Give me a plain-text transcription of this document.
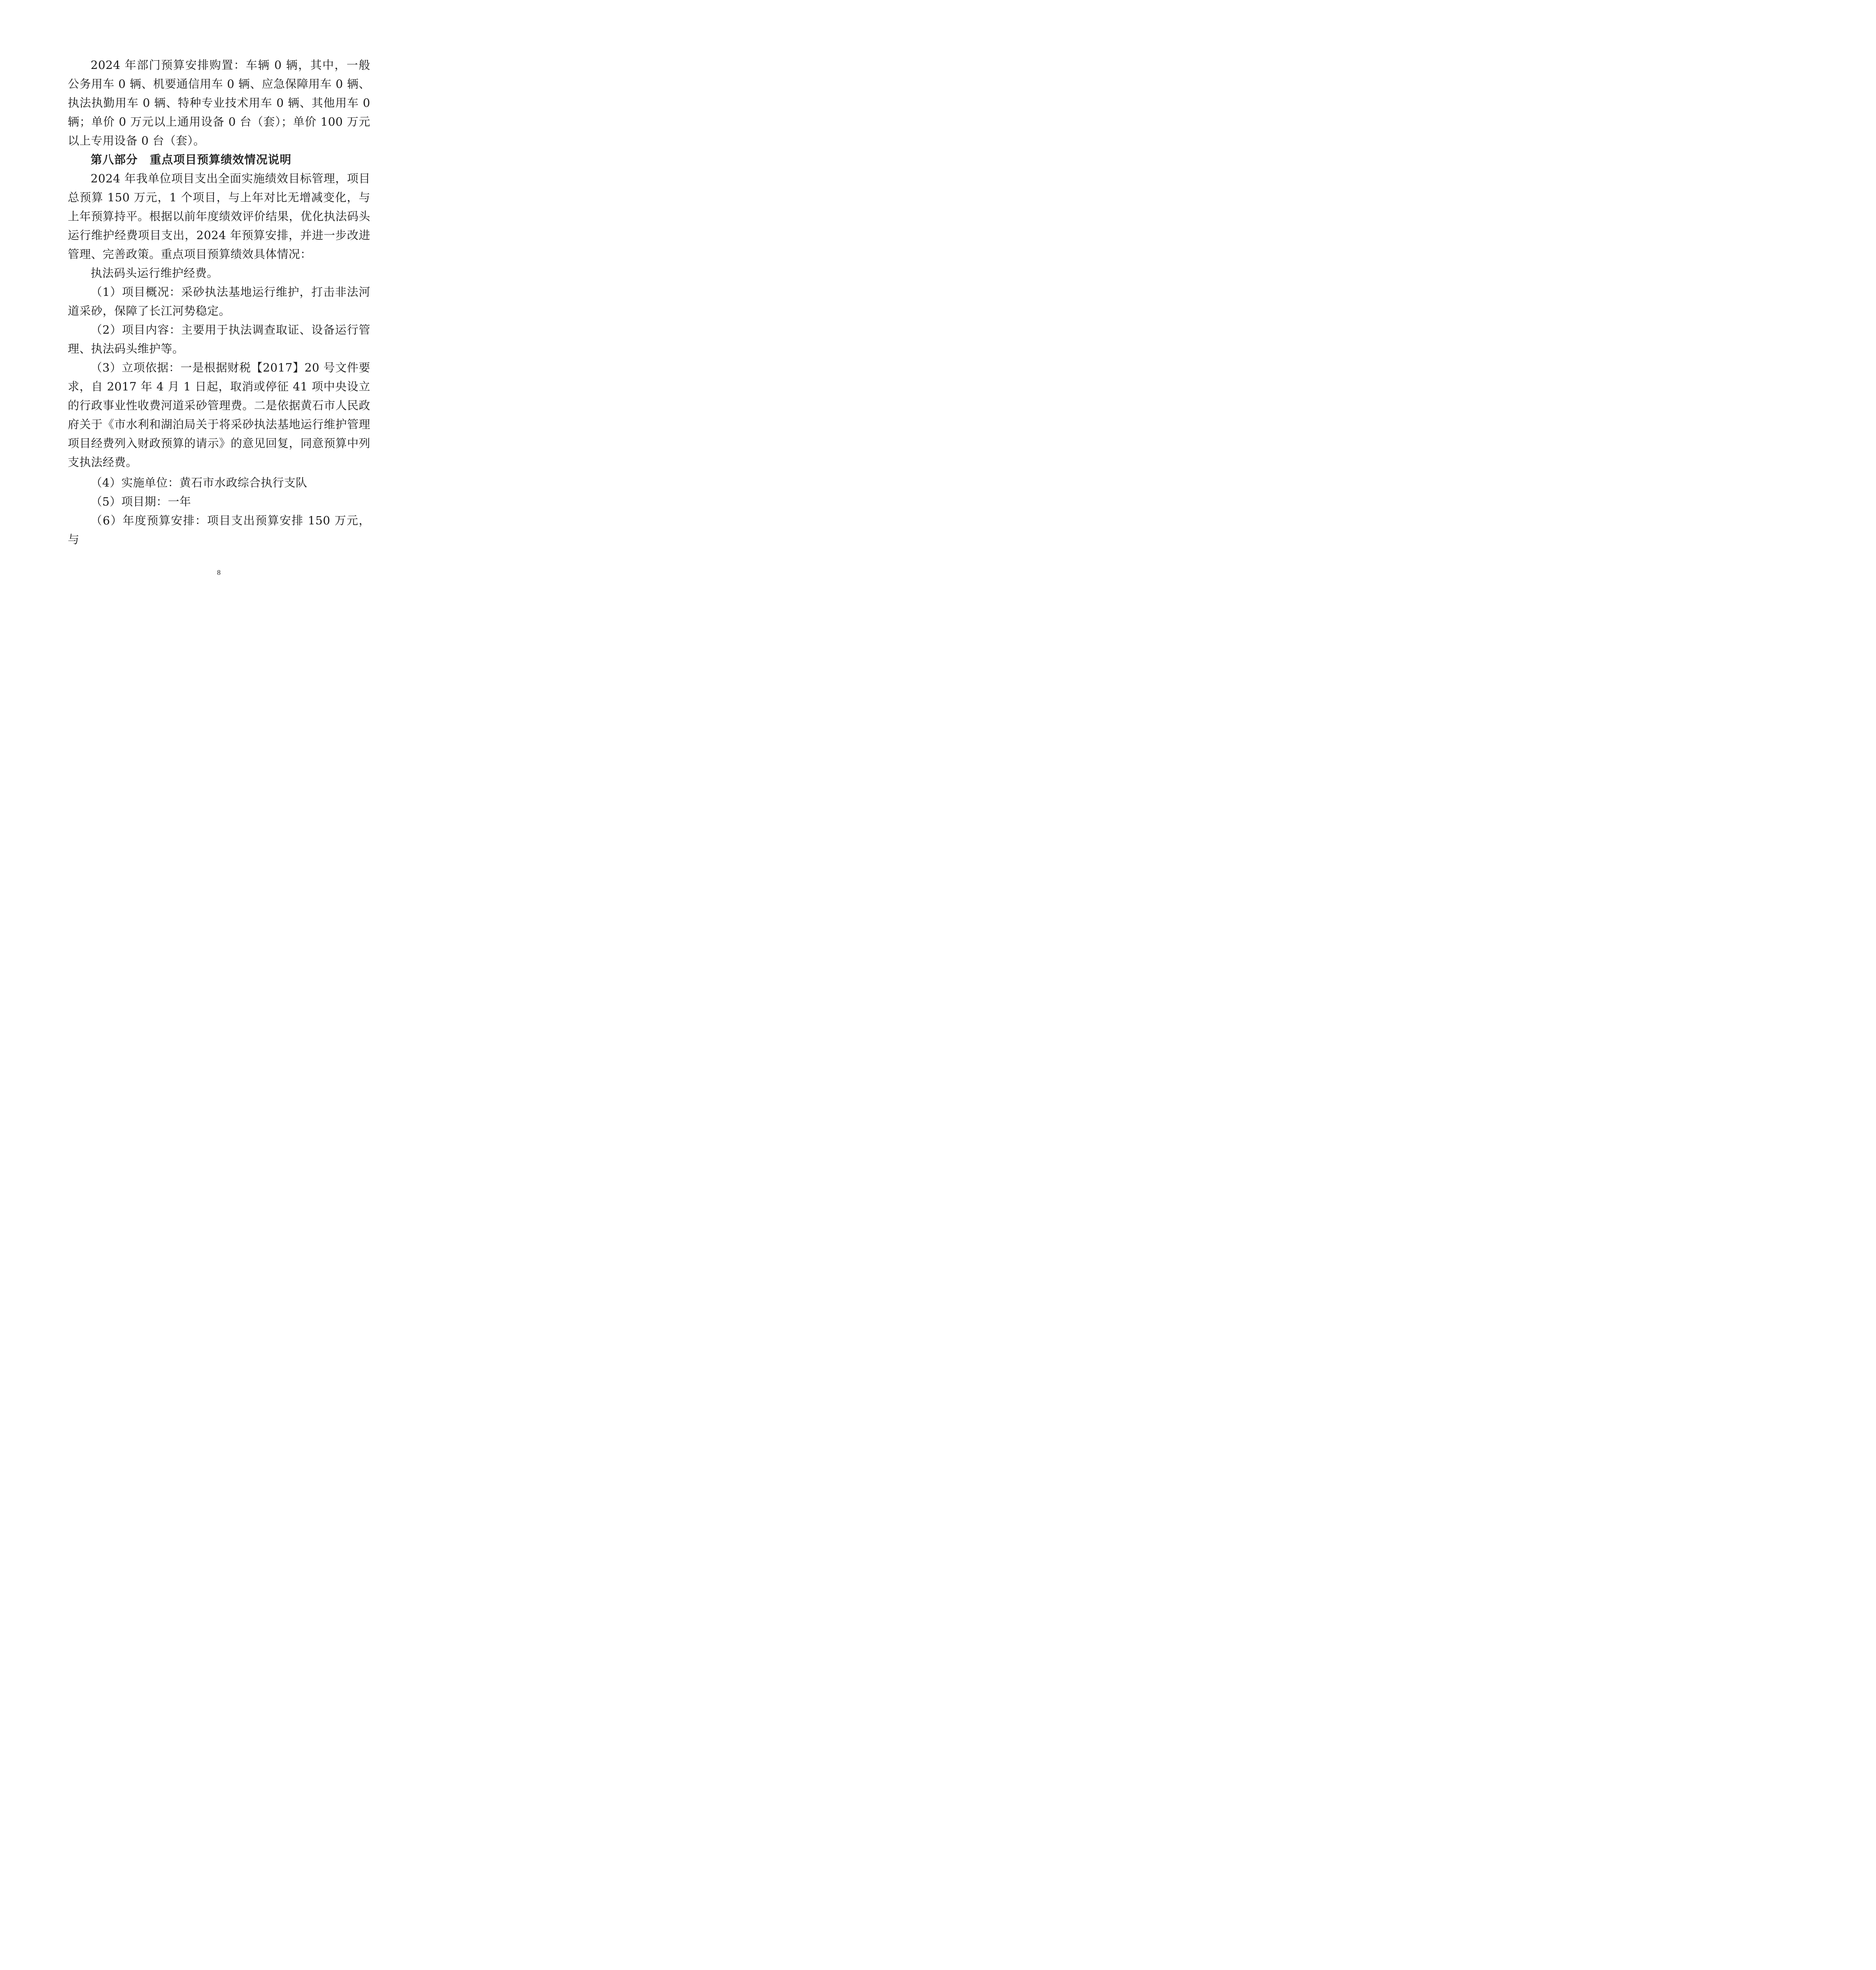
2024 年部门预算安排购置：车辆 0 辆，其中，一般公务用车 0 辆、机要通信用车 0 辆、应急保障用车 0 辆、执法执勤用车 0 辆、特种专业技术用车 0 辆、其他用车 0 辆；单价 0 万元以上通用设备 0 台（套）；单价 100 万元以上专用设备 0 台（套）。

第八部分　重点项目预算绩效情况说明

2024 年我单位项目支出全面实施绩效目标管理，项目总预算 150 万元，1 个项目，与上年对比无增减变化，与上年预算持平。根据以前年度绩效评价结果，优化执法码头运行维护经费项目支出，2024 年预算安排，并进一步改进管理、完善政策。重点项目预算绩效具体情况：

执法码头运行维护经费。

（1）项目概况：采砂执法基地运行维护，打击非法河道采砂，保障了长江河势稳定。

（2）项目内容：主要用于执法调查取证、设备运行管理、执法码头维护等。

（3）立项依据：一是根据财税【2017】20 号文件要求，自 2017 年 4 月 1 日起，取消或停征 41 项中央设立的行政事业性收费河道采砂管理费。二是依据黄石市人民政府关于《市水利和湖泊局关于将采砂执法基地运行维护管理项目经费列入财政预算的请示》的意见回复，同意预算中列支执法经费。

（4）实施单位：黄石市水政综合执行支队

（5）项目期：一年

（6）年度预算安排：项目支出预算安排 150 万元，与

8
